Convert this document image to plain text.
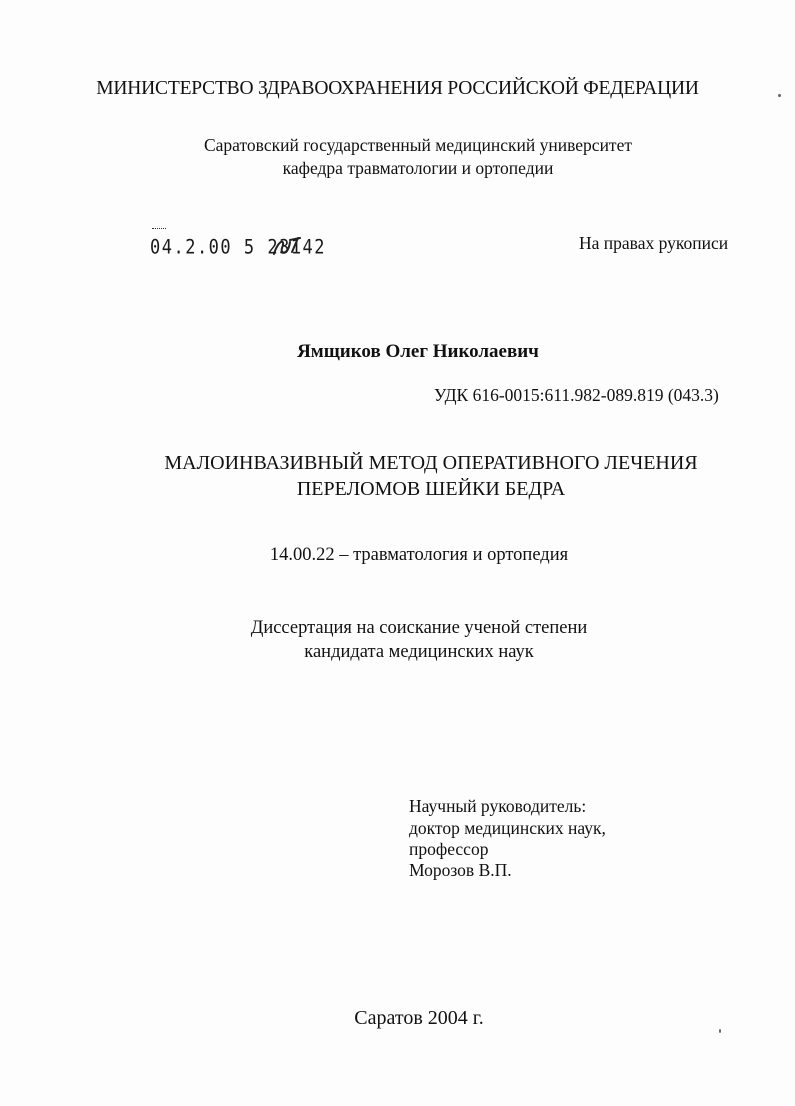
МИНИСТЕРСТВО ЗДРАВООХРАНЕНИЯ РОССИЙСКОЙ ФЕДЕРАЦИИ
Саратовский государственный медицинский университет
кафедра травматологии и ортопедии
04.2.00 5 23142	На правах рукописи
Ямщиков Олег Николаевич
УДК 616-0015:611.982-089.819 (043.3)
МАЛОИНВАЗИВНЫЙ МЕТОД ОПЕРАТИВНОГО ЛЕЧЕНИЯ
ПЕРЕЛОМОВ ШЕЙКИ БЕДРА
14.00.22 – травматология и ортопедия
Диссертация на соискание ученой степени
кандидата медицинских наук
Научный руководитель:
доктор медицинских наук,
профессор
Морозов В.П.
Саратов 2004 г.
